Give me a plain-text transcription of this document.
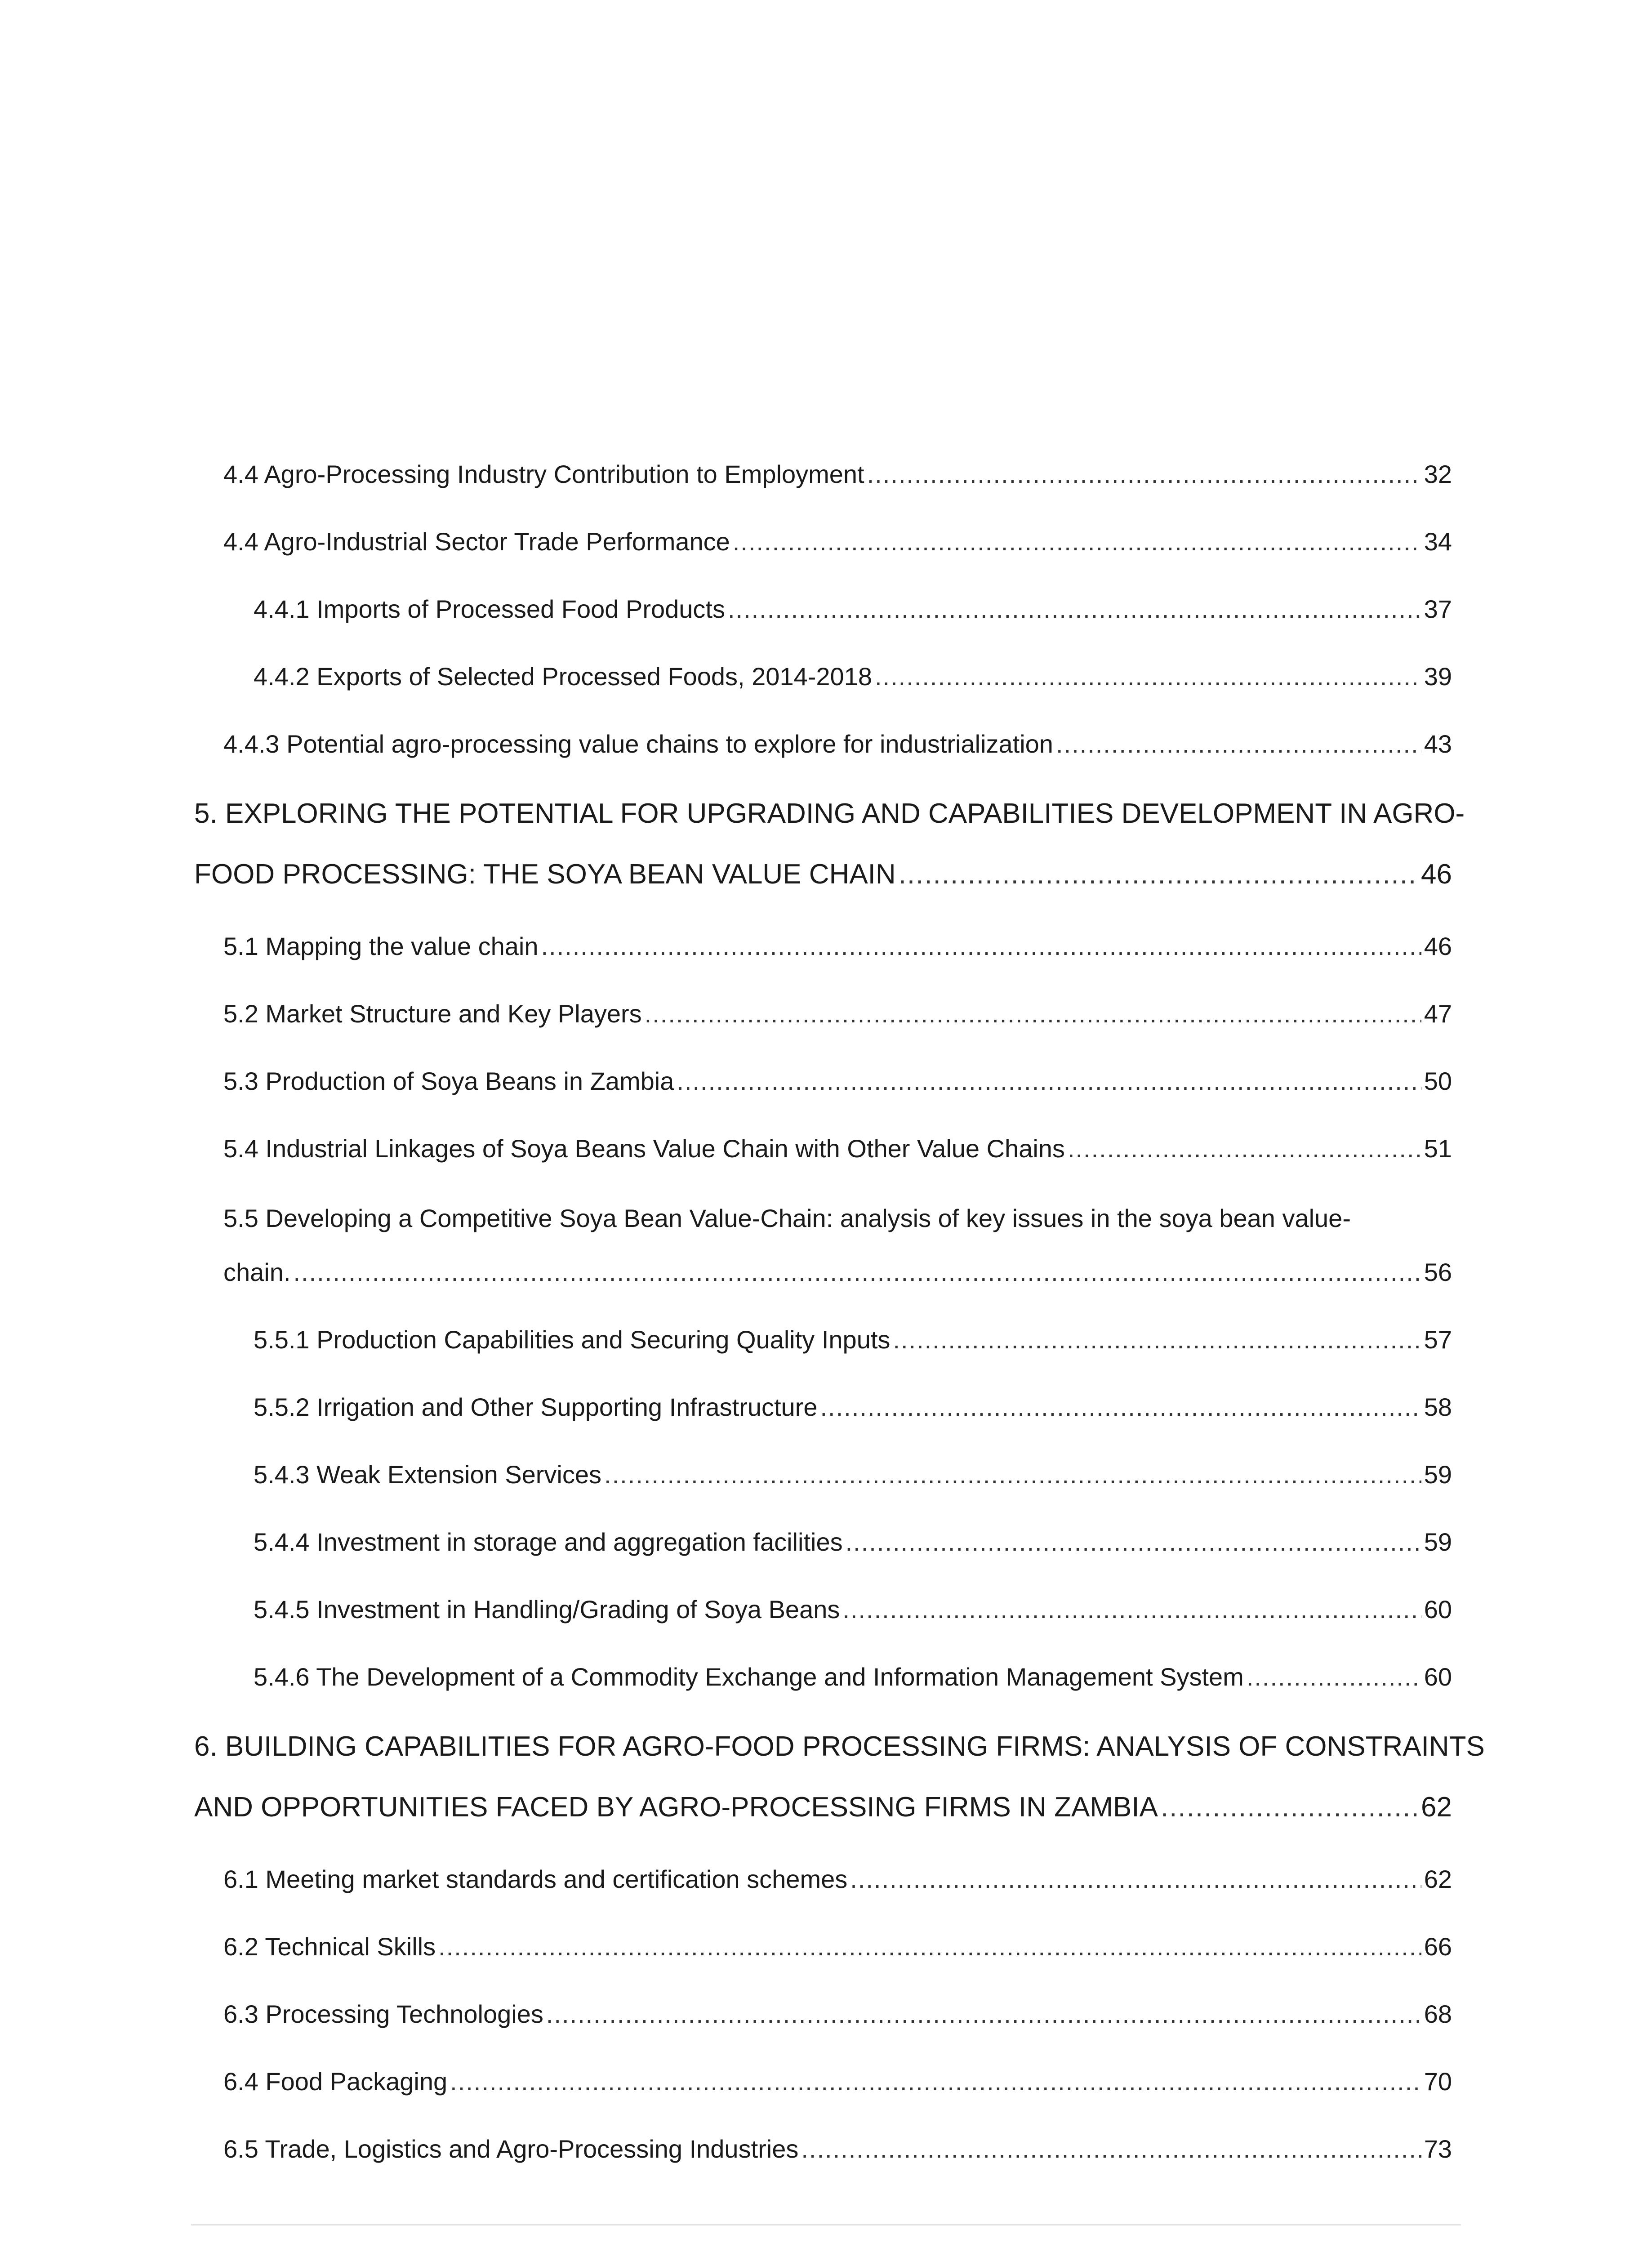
4.4 Agro-Processing Industry Contribution to Employment .....	32
4.4 Agro-Industrial Sector Trade Performance .....	34
4.4.1 Imports of Processed Food Products .....	37
4.4.2 Exports of Selected Processed Foods, 2014-2018 .....	39
4.4.3 Potential agro-processing value chains to explore for industrialization .....	43
5. EXPLORING THE POTENTIAL FOR UPGRADING AND CAPABILITIES DEVELOPMENT IN AGRO-
FOOD PROCESSING: THE SOYA BEAN VALUE CHAIN .....	46
5.1 Mapping the value chain .....	46
5.2 Market Structure and Key Players .....	47
5.3 Production of Soya Beans in Zambia .....	50
5.4 Industrial Linkages of Soya Beans Value Chain with Other Value Chains .....	51
5.5 Developing a Competitive Soya Bean Value-Chain: analysis of key issues in the soya bean value-
chain. .....	56
5.5.1 Production Capabilities and Securing Quality Inputs .....	57
5.5.2 Irrigation and Other Supporting Infrastructure .....	58
5.4.3 Weak Extension Services .....	59
5.4.4 Investment in storage and aggregation facilities .....	59
5.4.5 Investment in Handling/Grading of Soya Beans .....	60
5.4.6 The Development of a Commodity Exchange and Information Management System .....	60
6. BUILDING CAPABILITIES FOR AGRO-FOOD PROCESSING FIRMS: ANALYSIS OF CONSTRAINTS
AND OPPORTUNITIES FACED BY AGRO-PROCESSING FIRMS IN ZAMBIA .....	62
6.1 Meeting market standards and certification schemes .....	62
6.2 Technical Skills .....	66
6.3 Processing Technologies .....	68
6.4 Food Packaging .....	70
6.5 Trade, Logistics and Agro-Processing Industries .....	73
